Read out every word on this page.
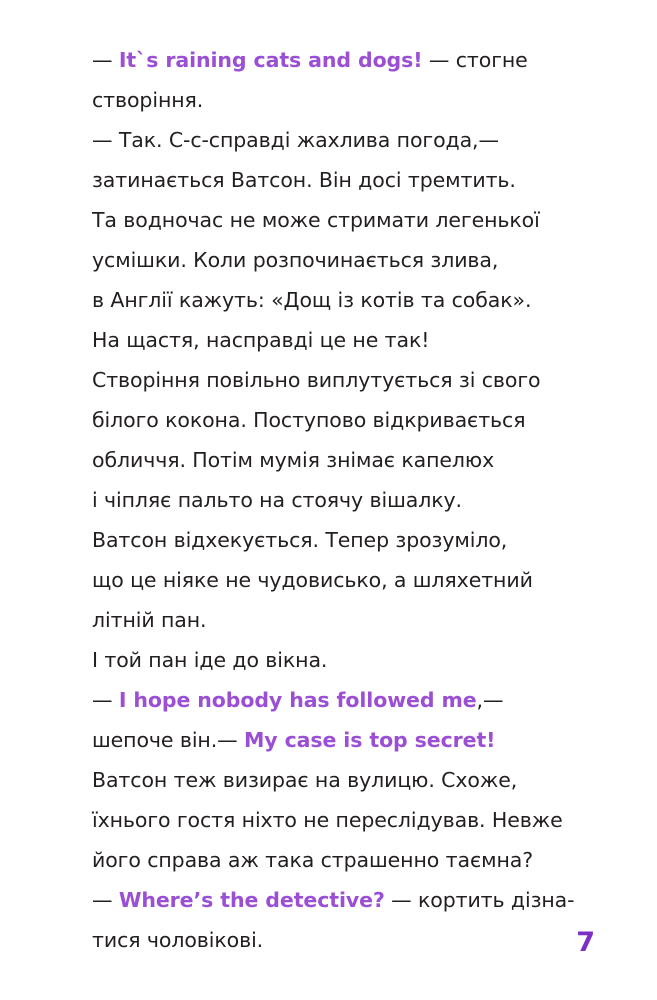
— It`s raining cats and dogs! — стогне
створіння.
— Так. С-с-справді жахлива погода,—
затинається Ватсон. Він досі тремтить.
Та водночас не може стримати легенької
усмішки. Коли розпочинається злива,
в Англії кажуть: «Дощ із котів та собак».
На щастя, насправді це не так!
Створіння повільно виплутується зі свого
білого кокона. Поступово відкривається
обличчя. Потім мумія знімає капелюх
і чіпляє пальто на стоячу вішалку.
Ватсон відхекується. Тепер зрозуміло,
що це ніяке не чудовисько, а шляхетний
літній пан.
І той пан іде до вікна.
— I hope nobody has followed me,—
шепоче він.— My case is top secret!
Ватсон теж визирає на вулицю. Схоже,
їхнього гостя ніхто не переслідував. Невже
його справа аж така страшенно таємна?
— Where’s the detective? — кортить дізна-
тися чоловікові.	7
